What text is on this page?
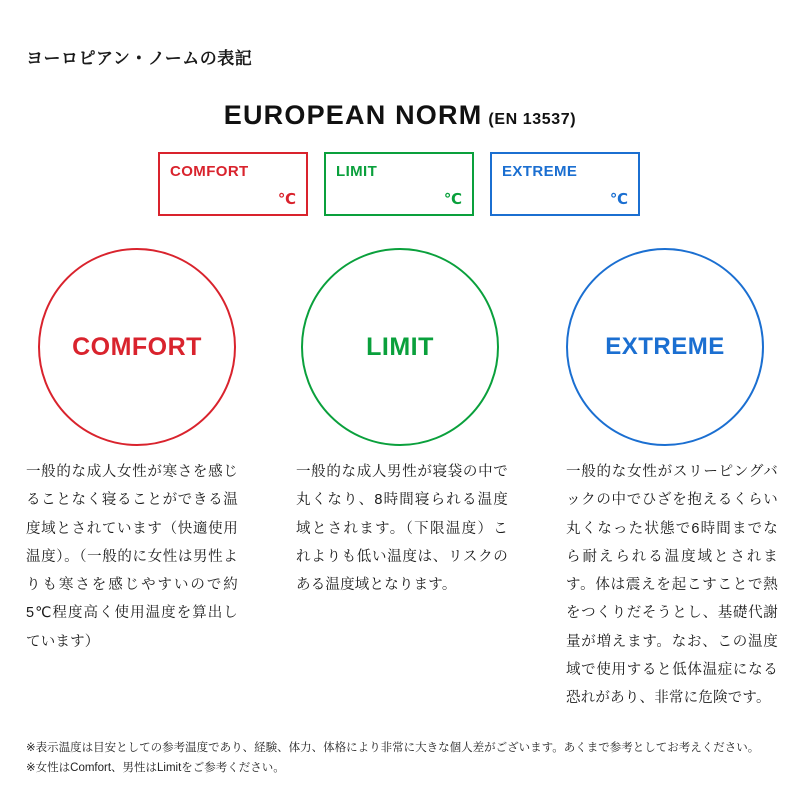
ヨーロピアン・ノームの表記
EUROPEAN NORM (EN 13537)
COMFORT
℃
LIMIT
℃
EXTREME
℃
COMFORT	LIMIT	EXTREME
一般的な成人女性が寒さを感じることなく寝ることができる温度域とされています（快適使用温度）。（一般的に女性は男性よりも寒さを感じやすいので約5℃程度高く使用温度を算出しています）
一般的な成人男性が寝袋の中で丸くなり、8時間寝られる温度域とされます。（下限温度）これよりも低い温度は、リスクのある温度域となります。
一般的な女性がスリーピングバックの中でひざを抱えるくらい丸くなった状態で6時間までなら耐えられる温度域とされます。体は震えを起こすことで熱をつくりだそうとし、基礎代謝量が増えます。なお、この温度域で使用すると低体温症になる恐れがあり、非常に危険です。
※表示温度は目安としての参考温度であり、経験、体力、体格により非常に大きな個人差がございます。あくまで参考としてお考えください。
※女性はComfort、男性はLimitをご参考ください。
